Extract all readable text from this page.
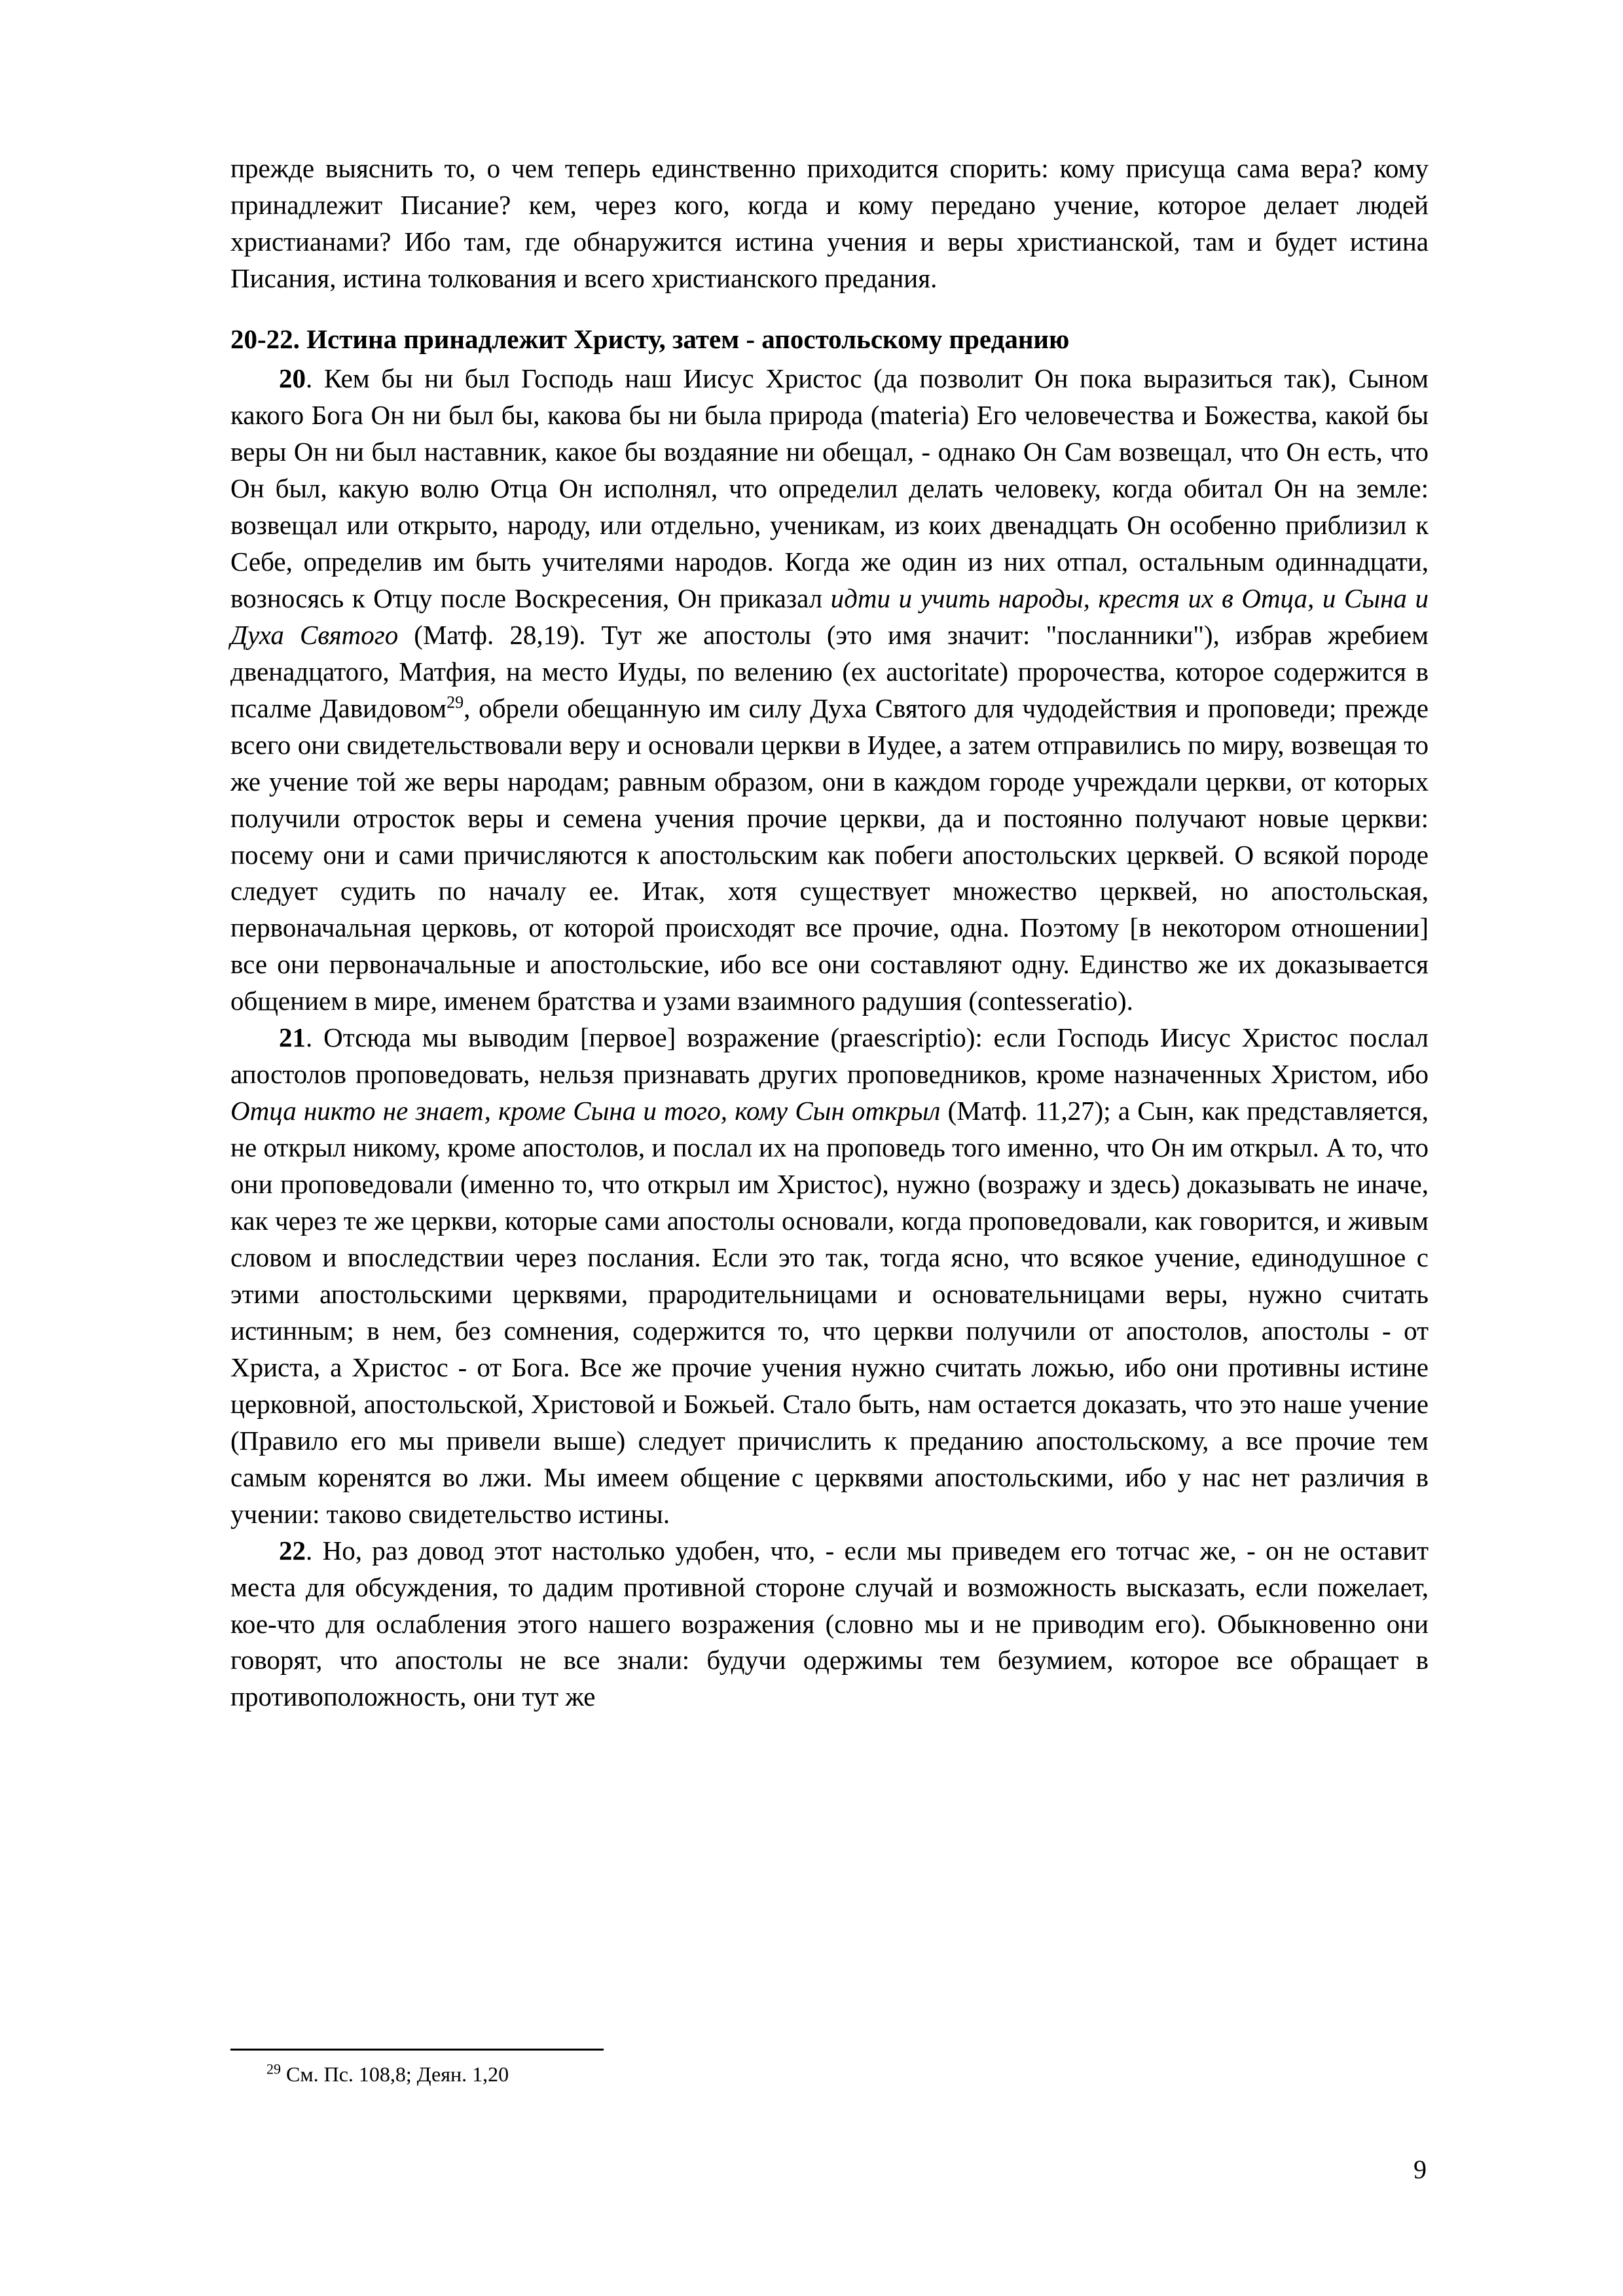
прежде выяснить то, о чем теперь единственно приходится спорить: кому присуща сама вера? кому принадлежит Писание? кем, через кого, когда и кому передано учение, которое делает людей христианами? Ибо там, где обнаружится истина учения и веры христианской, там и будет истина Писания, истина толкования и всего христианского предания.

20-22. Истина принадлежит Христу, затем - апостольскому преданию

20. Кем бы ни был Господь наш Иисус Христос (да позволит Он пока выразиться так), Сыном какого Бога Он ни был бы, какова бы ни была природа (materia) Его человечества и Божества, какой бы веры Он ни был наставник, какое бы воздаяние ни обещал, - однако Он Сам возвещал, что Он есть, что Он был, какую волю Отца Он исполнял, что определил делать человеку, когда обитал Он на земле: возвещал или открыто, народу, или отдельно, ученикам, из коих двенадцать Он особенно приблизил к Себе, определив им быть учителями народов. Когда же один из них отпал, остальным одиннадцати, возносясь к Отцу после Воскресения, Он приказал идти и учить народы, крестя их в Отца, и Сына и Духа Святого (Матф. 28,19). Тут же апостолы (это имя значит: "посланники"), избрав жребием двенадцатого, Матфия, на место Иуды, по велению (ex auctoritate) пророчества, которое содержится в псалме Давидовом$^{29}$, обрели обещанную им силу Духа Святого для чудодействия и проповеди; прежде всего они свидетельствовали веру и основали церкви в Иудее, а затем отправились по миру, возвещая то же учение той же веры народам; равным образом, они в каждом городе учреждали церкви, от которых получили отросток веры и семена учения прочие церкви, да и постоянно получают новые церкви: посему они и сами причисляются к апостольским как побеги апостольских церквей. О всякой породе следует судить по началу ее. Итак, хотя существует множество церквей, но апостольская, первоначальная церковь, от которой происходят все прочие, одна. Поэтому [в некотором отношении] все они первоначальные и апостольские, ибо все они составляют одну. Единство же их доказывается общением в мире, именем братства и узами взаимного радушия (contesseratio).

21. Отсюда мы выводим [первое] возражение (praescriptio): если Господь Иисус Христос послал апостолов проповедовать, нельзя признавать других проповедников, кроме назначенных Христом, ибо Отца никто не знает, кроме Сына и того, кому Сын открыл (Матф. 11,27); а Сын, как представляется, не открыл никому, кроме апостолов, и послал их на проповедь того именно, что Он им открыл. А то, что они проповедовали (именно то, что открыл им Христос), нужно (возражу и здесь) доказывать не иначе, как через те же церкви, которые сами апостолы основали, когда проповедовали, как говорится, и живым словом и впоследствии через послания. Если это так, тогда ясно, что всякое учение, единодушное с этими апостольскими церквями, прародительницами и основательницами веры, нужно считать истинным; в нем, без сомнения, содержится то, что церкви получили от апостолов, апостолы - от Христа, а Христос - от Бога. Все же прочие учения нужно считать ложью, ибо они противны истине церковной, апостольской, Христовой и Божьей. Стало быть, нам остается доказать, что это наше учение (Правило его мы привели выше) следует причислить к преданию апостольскому, а все прочие тем самым коренятся во лжи. Мы имеем общение с церквями апостольскими, ибо у нас нет различия в учении: таково свидетельство истины.

22. Но, раз довод этот настолько удобен, что, - если мы приведем его тотчас же, - он не оставит места для обсуждения, то дадим противной стороне случай и возможность высказать, если пожелает, кое-что для ослабления этого нашего возражения (словно мы и не приводим его). Обыкновенно они говорят, что апостолы не все знали: будучи одержимы тем безумием, которое все обращает в противоположность, они тут же

$^{29}$ См. Пс. 108,8; Деян. 1,20
9
